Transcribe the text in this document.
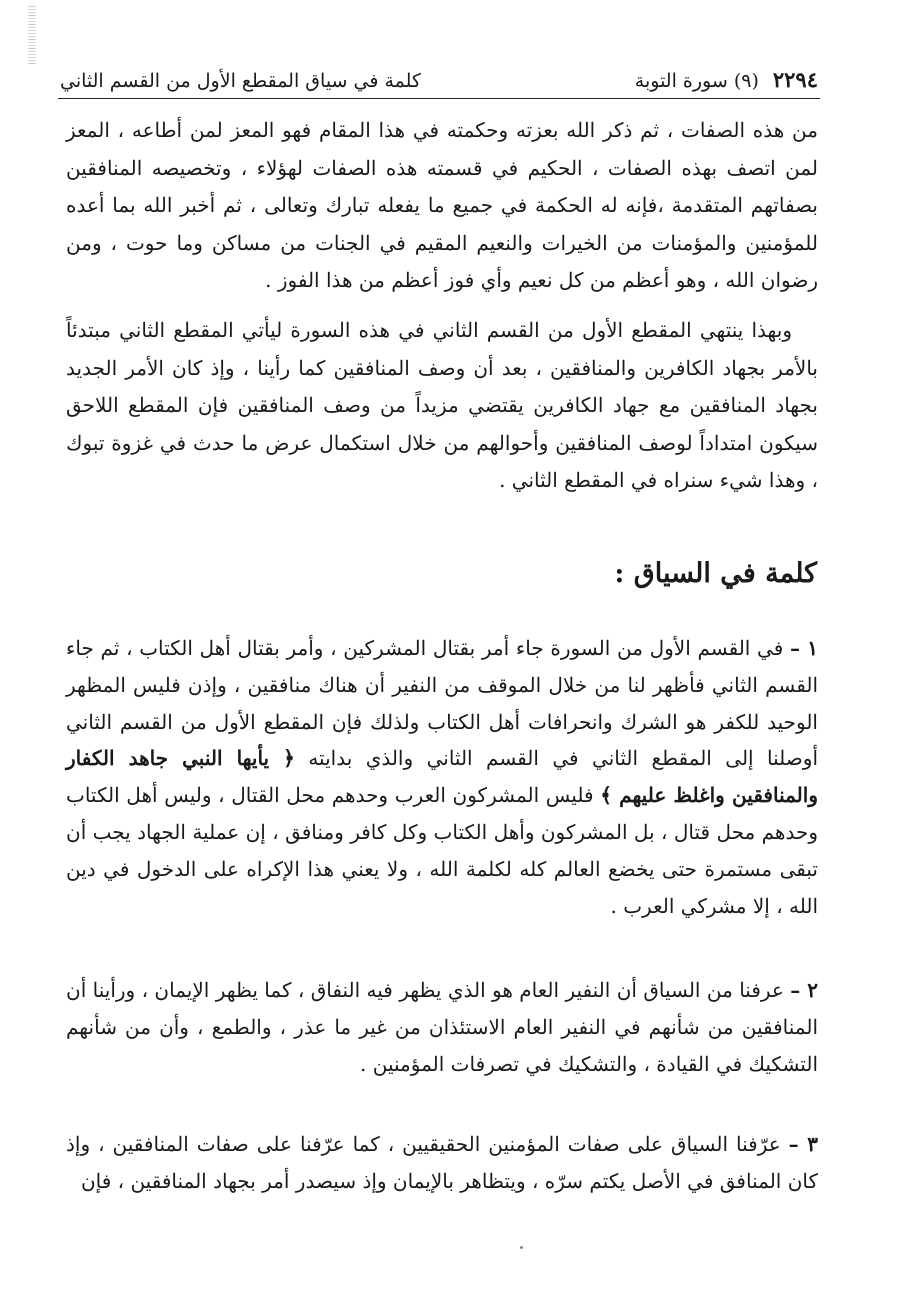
٢٢٩٤
(٩) سورة التوبة
كلمة في سياق المقطع الأول من القسم الثاني

من هذه الصفات ، ثم ذكر الله بعزته وحكمته في هذا المقام فهو المعز لمن أطاعه ، المعز لمن اتصف بهذه الصفات ، الحكيم في قسمته هذه الصفات لهؤلاء ، وتخصيصه المنافقين بصفاتهم المتقدمة ،فإنه له الحكمة في جميع ما يفعله تبارك وتعالى ، ثم أخبر الله بما أعده للمؤمنين والمؤمنات من الخيرات والنعيم المقيم في الجنات من مساكن وما حوت ، ومن رضوان الله ، وهو أعظم من كل نعيم وأي فوز أعظم من هذا الفوز .

وبهذا ينتهي المقطع الأول من القسم الثاني في هذه السورة ليأتي المقطع الثاني مبتدئاً بالأمر بجهاد الكافرين والمنافقين ، بعد أن وصف المنافقين كما رأينا ، وإذ كان الأمر الجديد بجهاد المنافقين مع جهاد الكافرين يقتضي مزيداً من وصف المنافقين فإن المقطع اللاحق سيكون امتداداً لوصف المنافقين وأحوالهم من خلال استكمال عرض ما حدث في غزوة تبوك ، وهذا شيء سنراه في المقطع الثاني .

كلمة في السياق :

١ – في القسم الأول من السورة جاء أمر بقتال المشركين ، وأمر بقتال أهل الكتاب ، ثم جاء القسم الثاني فأظهر لنا من خلال الموقف من النفير أن هناك منافقين ، وإذن فليس المظهر الوحيد للكفر هو الشرك وانحرافات أهل الكتاب ولذلك فإن المقطع الأول من القسم الثاني أوصلنا إلى المقطع الثاني في القسم الثاني والذي بدايته ﴿ يأيها النبي جاهد الكفار والمنافقين واغلظ عليهم ﴾ فليس المشركون العرب وحدهم محل القتال ، وليس أهل الكتاب وحدهم محل قتال ، بل المشركون وأهل الكتاب وكل كافر ومنافق ، إن عملية الجهاد يجب أن تبقى مستمرة حتى يخضع العالم كله لكلمة الله ، ولا يعني هذا الإكراه على الدخول في دين الله ، إلا مشركي العرب .

٢ – عرفنا من السياق أن النفير العام هو الذي يظهر فيه النفاق ، كما يظهر الإيمان ، ورأينا أن المنافقين من شأنهم في النفير العام الاستئذان من غير ما عذر ، والطمع ، وأن من شأنهم التشكيك في القيادة ، والتشكيك في تصرفات المؤمنين .

٣ – عرّفنا السياق على صفات المؤمنين الحقيقيين ، كما عرّفنا على صفات المنافقين ، وإذ كان المنافق في الأصل يكتم سرّه ، ويتظاهر بالإيمان وإذ سيصدر أمر بجهاد المنافقين ، فإن
